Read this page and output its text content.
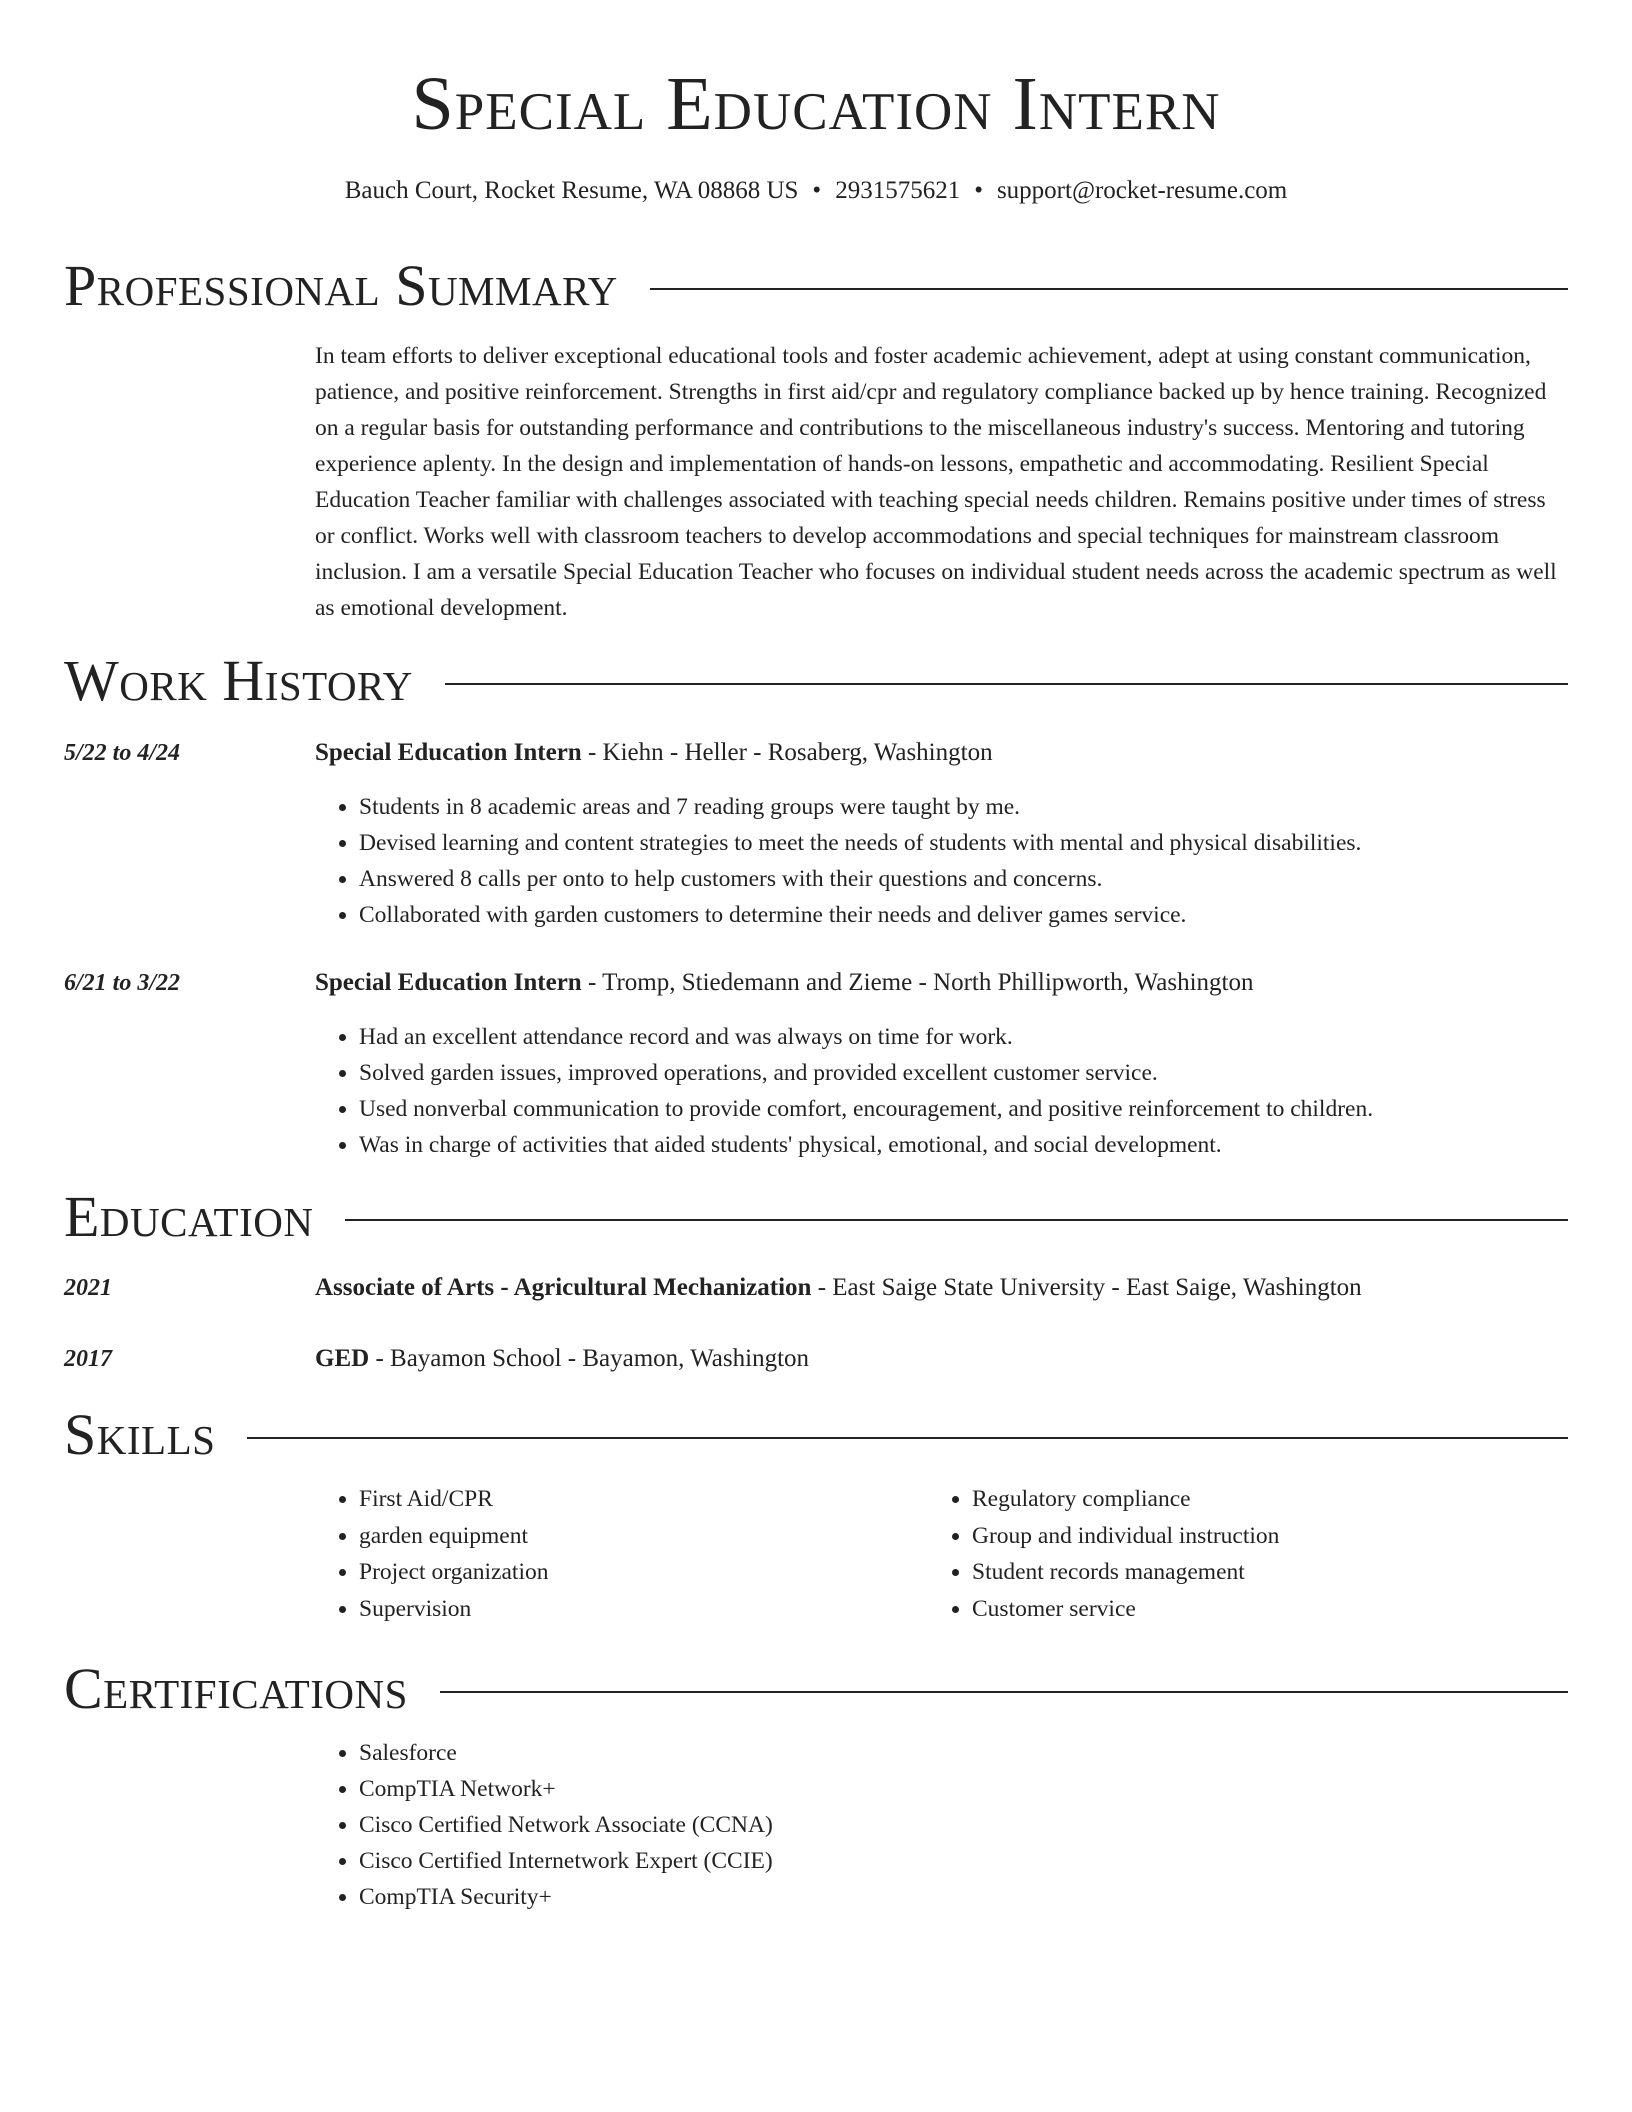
Special Education Intern
Bauch Court, Rocket Resume, WA 08868 US • 2931575621 • support@rocket-resume.com
Professional Summary
In team efforts to deliver exceptional educational tools and foster academic achievement, adept at using constant communication, patience, and positive reinforcement. Strengths in first aid/cpr and regulatory compliance backed up by hence training. Recognized on a regular basis for outstanding performance and contributions to the miscellaneous industry's success. Mentoring and tutoring experience aplenty. In the design and implementation of hands-on lessons, empathetic and accommodating. Resilient Special Education Teacher familiar with challenges associated with teaching special needs children. Remains positive under times of stress or conflict. Works well with classroom teachers to develop accommodations and special techniques for mainstream classroom inclusion. I am a versatile Special Education Teacher who focuses on individual student needs across the academic spectrum as well as emotional development.
Work History
5/22 to 4/24	Special Education Intern - Kiehn - Heller - Rosaberg, Washington
• Students in 8 academic areas and 7 reading groups were taught by me.
• Devised learning and content strategies to meet the needs of students with mental and physical disabilities.
• Answered 8 calls per onto to help customers with their questions and concerns.
• Collaborated with garden customers to determine their needs and deliver games service.
6/21 to 3/22	Special Education Intern - Tromp, Stiedemann and Zieme - North Phillipworth, Washington
• Had an excellent attendance record and was always on time for work.
• Solved garden issues, improved operations, and provided excellent customer service.
• Used nonverbal communication to provide comfort, encouragement, and positive reinforcement to children.
• Was in charge of activities that aided students' physical, emotional, and social development.
Education
2021	Associate of Arts - Agricultural Mechanization - East Saige State University - East Saige, Washington
2017	GED - Bayamon School - Bayamon, Washington
Skills
• First Aid/CPR
• garden equipment
• Project organization
• Supervision
• Regulatory compliance
• Group and individual instruction
• Student records management
• Customer service
Certifications
• Salesforce
• CompTIA Network+
• Cisco Certified Network Associate (CCNA)
• Cisco Certified Internetwork Expert (CCIE)
• CompTIA Security+
